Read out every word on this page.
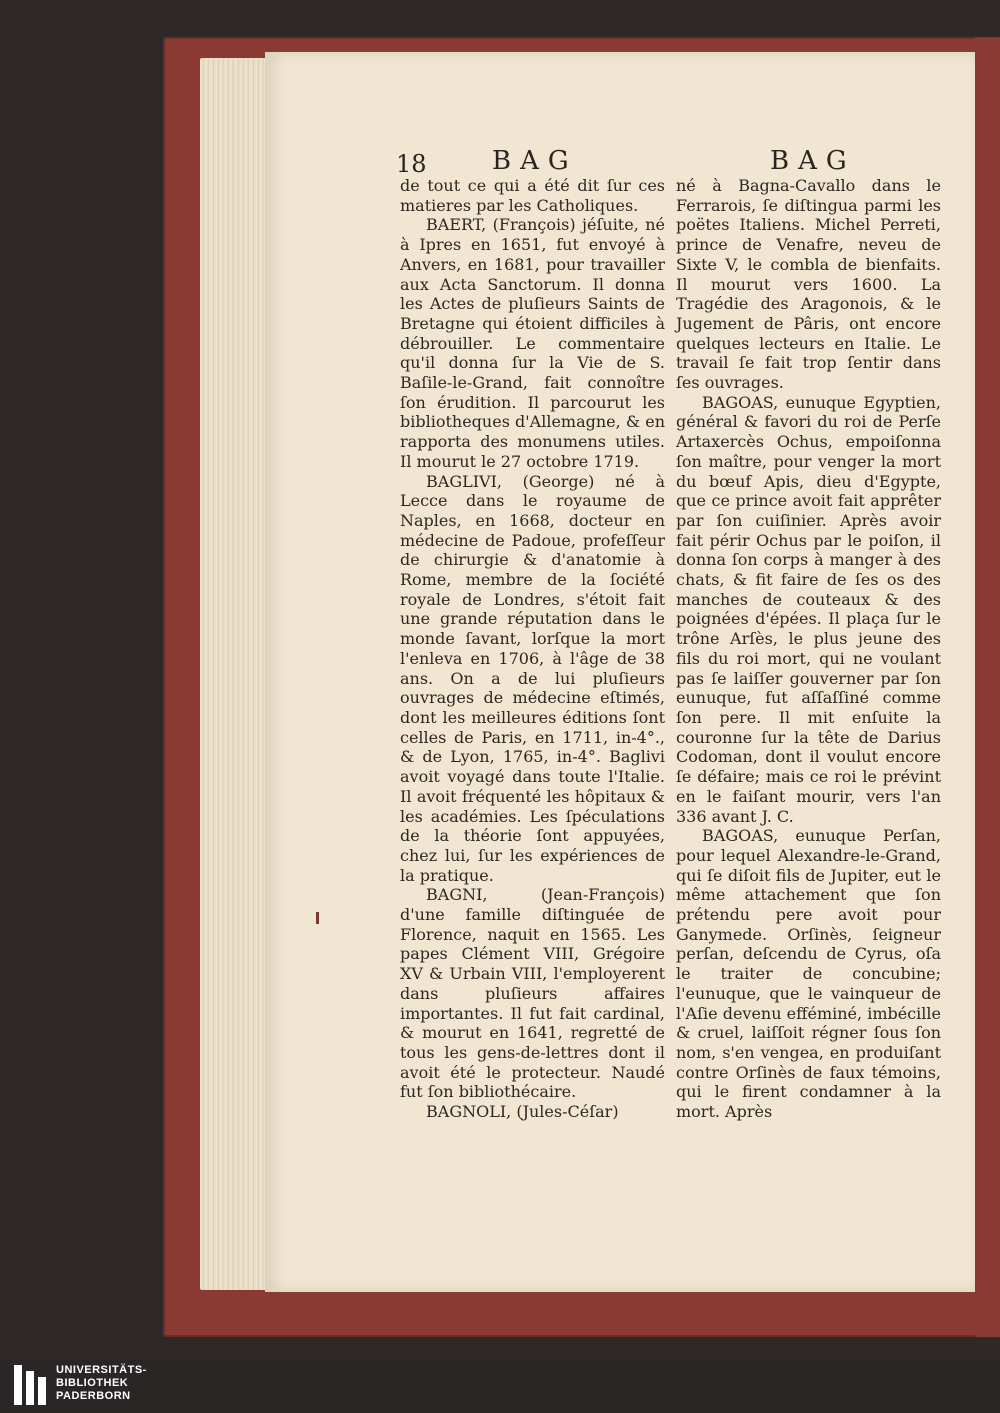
18	BAG	BAG

de tout ce qui a été dit ſur ces matieres par les Catholiques.

BAERT, (François) jéſuite, né à Ipres en 1651, fut envoyé à Anvers, en 1681, pour travailler aux Acta Sanctorum. Il donna les Actes de pluſieurs Saints de Bretagne qui étoient difficiles à débrouiller. Le commentaire qu'il donna ſur la Vie de S. Baſile-le-Grand, fait connoître ſon érudition. Il parcourut les bibliotheques d'Allemagne, & en rapporta des monumens utiles. Il mourut le 27 octobre 1719.

BAGLIVI, (George) né à Lecce dans le royaume de Naples, en 1668, docteur en médecine de Padoue, profeſſeur de chirurgie & d'anatomie à Rome, membre de la ſociété royale de Londres, s'étoit fait une grande réputation dans le monde ſavant, lorſque la mort l'enleva en 1706, à l'âge de 38 ans. On a de lui pluſieurs ouvrages de médecine eſtimés, dont les meilleures éditions ſont celles de Paris, en 1711, in-4°., & de Lyon, 1765, in-4°. Baglivi avoit voyagé dans toute l'Italie. Il avoit fréquenté les hôpitaux & les académies. Les ſpéculations de la théorie ſont appuyées, chez lui, ſur les expériences de la pratique.

BAGNI, (Jean-François) d'une famille diſtinguée de Florence, naquit en 1565. Les papes Clément VIII, Grégoire XV & Urbain VIII, l'employerent dans pluſieurs affaires importantes. Il fut fait cardinal, & mourut en 1641, regretté de tous les gens-de-lettres dont il avoit été le protecteur. Naudé fut ſon bibliothécaire.

BAGNOLI, (Jules-Céſar)

né à Bagna-Cavallo dans le Ferrarois, ſe diſtingua parmi les poëtes Italiens. Michel Perreti, prince de Venafre, neveu de Sixte V, le combla de bienfaits. Il mourut vers 1600. La Tragédie des Aragonois, & le Jugement de Pâris, ont encore quelques lecteurs en Italie. Le travail ſe fait trop ſentir dans ſes ouvrages.

BAGOAS, eunuque Egyptien, général & favori du roi de Perſe Artaxercès Ochus, empoiſonna ſon maître, pour venger la mort du bœuf Apis, dieu d'Egypte, que ce prince avoit fait apprêter par ſon cuiſinier. Après avoir fait périr Ochus par le poiſon, il donna ſon corps à manger à des chats, & fit faire de ſes os des manches de couteaux & des poignées d'épées. Il plaça ſur le trône Arſès, le plus jeune des fils du roi mort, qui ne voulant pas ſe laiſſer gouverner par ſon eunuque, fut aſſaſſiné comme ſon pere. Il mit enſuite la couronne ſur la tête de Darius Codoman, dont il voulut encore ſe défaire; mais ce roi le prévint en le faiſant mourir, vers l'an 336 avant J. C.

BAGOAS, eunuque Perſan, pour lequel Alexandre-le-Grand, qui ſe diſoit fils de Jupiter, eut le même attachement que ſon prétendu pere avoit pour Ganymede. Orſinès, ſeigneur perſan, deſcendu de Cyrus, oſa le traiter de concubine; l'eunuque, que le vainqueur de l'Aſie devenu efféminé, imbécille & cruel, laiſſoit régner ſous ſon nom, s'en vengea, en produiſant contre Orſinès de faux témoins, qui le firent condamner à la mort. Après

UNIVERSITÄTS-
BIBLIOTHEK
PADERBORN
